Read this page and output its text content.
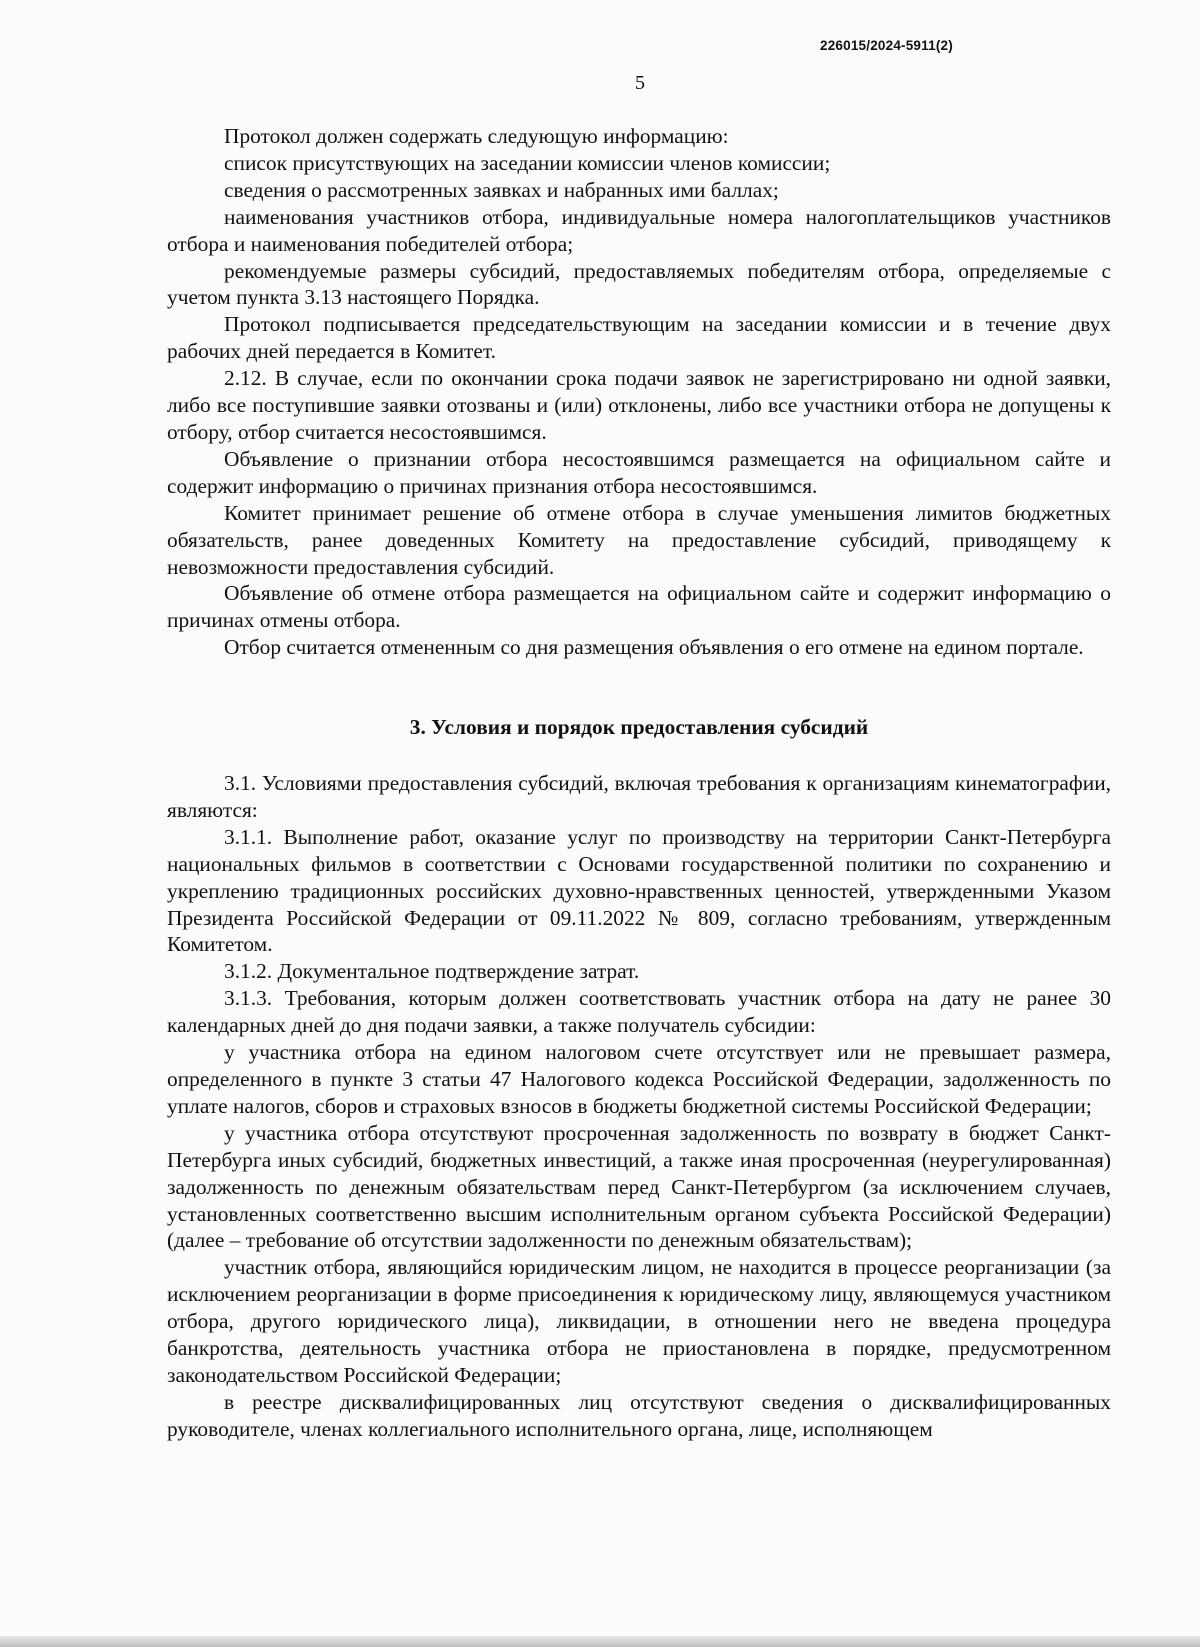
226015/2024-5911(2)
5

Протокол должен содержать следующую информацию:

список присутствующих на заседании комиссии членов комиссии;

сведения о рассмотренных заявках и набранных ими баллах;

наименования участников отбора, индивидуальные номера налогоплательщиков участников отбора и наименования победителей отбора;

рекомендуемые размеры субсидий, предоставляемых победителям отбора, определяемые с учетом пункта 3.13 настоящего Порядка.

Протокол подписывается председательствующим на заседании комиссии и в течение двух рабочих дней передается в Комитет.

2.12. В случае, если по окончании срока подачи заявок не зарегистрировано ни одной заявки, либо все поступившие заявки отозваны и (или) отклонены, либо все участники отбора не допущены к отбору, отбор считается несостоявшимся.

Объявление о признании отбора несостоявшимся размещается на официальном сайте и содержит информацию о причинах признания отбора несостоявшимся.

Комитет принимает решение об отмене отбора в случае уменьшения лимитов бюджетных обязательств, ранее доведенных Комитету на предоставление субсидий, приводящему к невозможности предоставления субсидий.

Объявление об отмене отбора размещается на официальном сайте и содержит информацию о причинах отмены отбора.

Отбор считается отмененным со дня размещения объявления о его отмене на едином портале.

3. Условия и порядок предоставления субсидий

3.1. Условиями предоставления субсидий, включая требования к организациям кинематографии, являются:

3.1.1. Выполнение работ, оказание услуг по производству на территории Санкт-Петербурга национальных фильмов в соответствии с Основами государственной политики по сохранению и укреплению традиционных российских духовно-нравственных ценностей, утвержденными Указом Президента Российской Федерации от 09.11.2022 № 809, согласно требованиям, утвержденным Комитетом.

3.1.2. Документальное подтверждение затрат.

3.1.3. Требования, которым должен соответствовать участник отбора на дату не ранее 30 календарных дней до дня подачи заявки, а также получатель субсидии:

у участника отбора на едином налоговом счете отсутствует или не превышает размера, определенного в пункте 3 статьи 47 Налогового кодекса Российской Федерации, задолженность по уплате налогов, сборов и страховых взносов в бюджеты бюджетной системы Российской Федерации;

у участника отбора отсутствуют просроченная задолженность по возврату в бюджет Санкт-Петербурга иных субсидий, бюджетных инвестиций, а также иная просроченная (неурегулированная) задолженность по денежным обязательствам перед Санкт-Петербургом (за исключением случаев, установленных соответственно высшим исполнительным органом субъекта Российской Федерации) (далее – требование об отсутствии задолженности по денежным обязательствам);

участник отбора, являющийся юридическим лицом, не находится в процессе реорганизации (за исключением реорганизации в форме присоединения к юридическому лицу, являющемуся участником отбора, другого юридического лица), ликвидации, в отношении него не введена процедура банкротства, деятельность участника отбора не приостановлена в порядке, предусмотренном законодательством Российской Федерации;

в реестре дисквалифицированных лиц отсутствуют сведения о дисквалифицированных руководителе, членах коллегиального исполнительного органа, лице, исполняющем
